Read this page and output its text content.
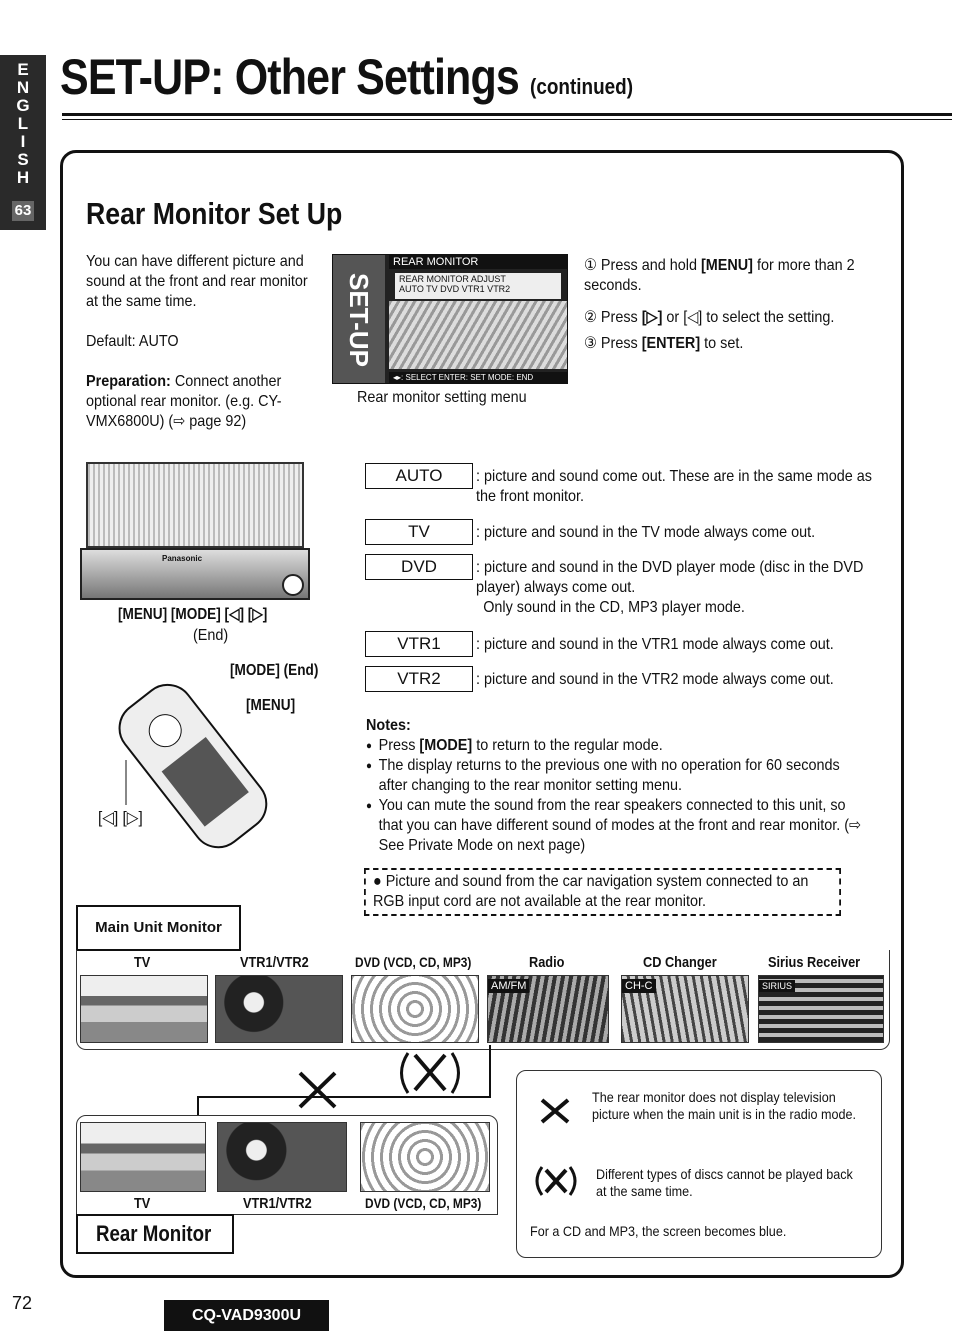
E
N
G
L
I
S
H
63
SET-UP: Other Settings (continued)
Rear Monitor Set Up

You can have different picture and sound at the front and rear monitor at the same time.

Default: AUTO

Preparation: Connect another optional rear monitor. (e.g. CY-VMX6800U) (⇨ page 92)

SET-UP
REAR MONITOR
REAR MONITOR ADJUST
AUTO TV DVD VTR1 VTR2
◂▸: SELECT ENTER: SET MODE: END
Rear monitor setting menu

① Press and hold [MENU] for more than 2 seconds.

② Press [▷] or [◁] to select the setting.

③ Press [ENTER] to set.

Panasonic
[MENU] [MODE] [◁] [▷]
(End)
[MODE] (End)
[MENU]
[◁] [▷]
AUTO	: picture and sound come out. These are in the same mode as the front monitor.
TV	: picture and sound in the TV mode always come out.
DVD	: picture and sound in the DVD player mode (disc in the DVD player) always come out.

Only sound in the CD, MP3 player mode.

VTR1	: picture and sound in the VTR1 mode always come out.
VTR2	: picture and sound in the VTR2 mode always come out.

Notes:

● Press [MODE] to return to the regular mode.
● The display returns to the previous one with no operation for 60 seconds after changing to the rear monitor setting menu.
● You can mute the sound from the rear speakers connected to this unit, so that you can have different sound of modes at the front and rear monitor. (⇨ See Private Mode on next page)
● Picture and sound from the car navigation system connected to an RGB input cord are not available at the rear monitor.
Main Unit Monitor
TV	VTR1/VTR2	DVD (VCD, CD, MP3)	Radio	CD Changer	Sirius Receiver
AM/FM	CH-C	SIRIUS
TV	VTR1/VTR2	DVD (VCD, CD, MP3)
Rear Monitor
The rear monitor does not display television picture when the main unit is in the radio mode.
Different types of discs cannot be played back at the same time.
For a CD and MP3, the screen becomes blue.
72
CQ-VAD9300U
